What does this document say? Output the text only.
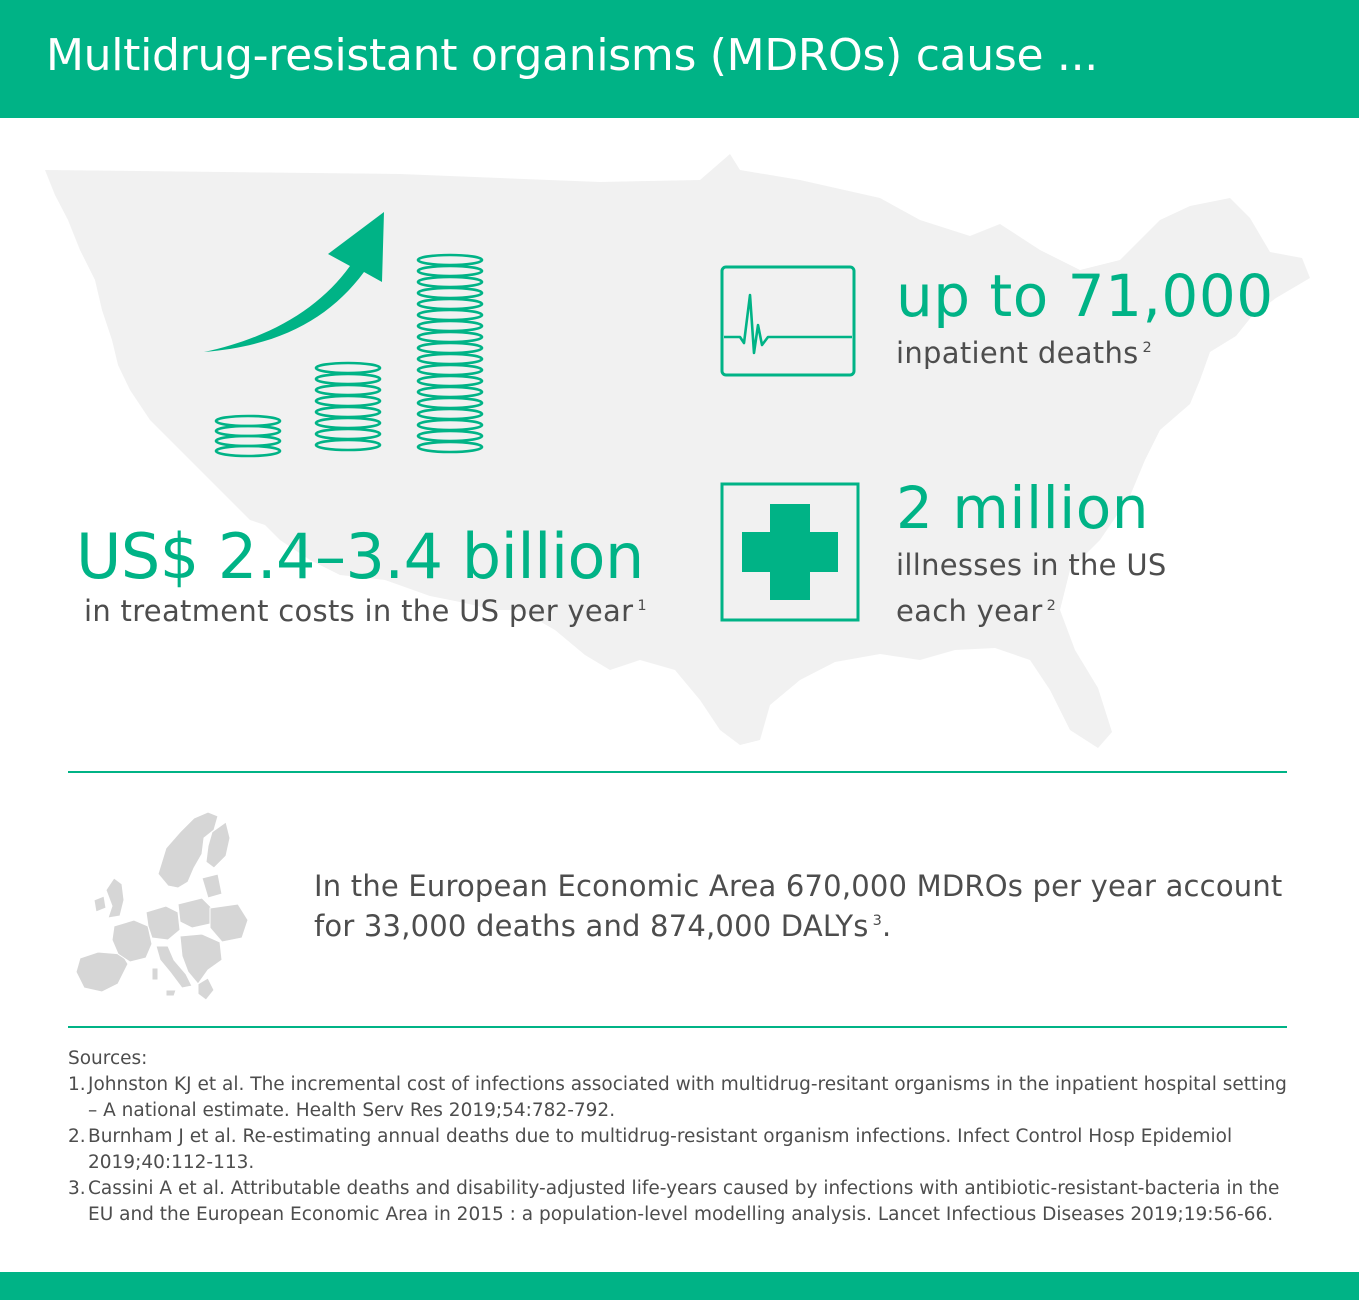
Multidrug-resistant organisms (MDROs) cause ...
US$ 2.4–3.4 billion

in treatment costs in the US per year $^1$

up to 71,000

inpatient deaths $^2$

2 million

illnesses in the US

each year $^2$

In the European Economic Area 670,000 MDROs per year account
for 33,000 deaths and 874,000 DALYs $^3$.

Sources:

1. Johnston KJ et al. The incremental cost of infections associated with multidrug-resitant organisms in the inpatient hospital setting – A national estimate. Health Serv Res 2019;54:782-792.
2. Burnham J et al. Re-estimating annual deaths due to multidrug-resistant organism infections. Infect Control Hosp Epidemiol 2019;40:112-113.
3. Cassini A et al. Attributable deaths and disability-adjusted life-years caused by infections with antibiotic-resistant-bacteria in the EU and the European Economic Area in 2015 : a population-level modelling analysis. Lancet Infectious Diseases 2019;19:56-66.
